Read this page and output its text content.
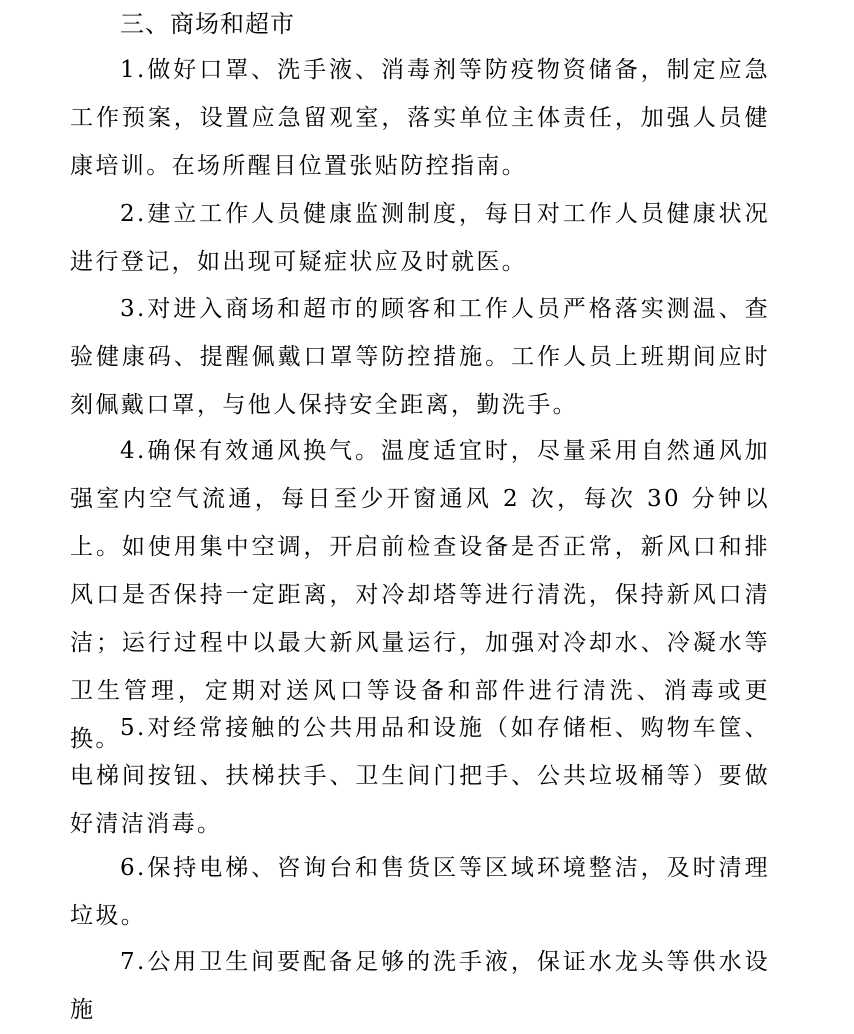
三、商场和超市

1.做好口罩、洗手液、消毒剂等防疫物资储备，制定应急工作预案，设置应急留观室，落实单位主体责任，加强人员健康培训。在场所醒目位置张贴防控指南。

2.建立工作人员健康监测制度，每日对工作人员健康状况进行登记，如出现可疑症状应及时就医。

3.对进入商场和超市的顾客和工作人员严格落实测温、查验健康码、提醒佩戴口罩等防控措施。工作人员上班期间应时刻佩戴口罩，与他人保持安全距离，勤洗手。

4.确保有效通风换气。温度适宜时，尽量采用自然通风加强室内空气流通，每日至少开窗通风 2 次，每次 30 分钟以上。如使用集中空调，开启前检查设备是否正常，新风口和排风口是否保持一定距离，对冷却塔等进行清洗，保持新风口清洁；运行过程中以最大新风量运行，加强对冷却水、冷凝水等卫生管理，定期对送风口等设备和部件进行清洗、消毒或更换。 5.对经常接触的公共用品和设施（如存储柜、购物车筐、电梯间按钮、扶梯扶手、卫生间门把手、公共垃圾桶等）要做好清洁消毒。

6.保持电梯、咨询台和售货区等区域环境整洁，及时清理垃圾。

7.公用卫生间要配备足够的洗手液，保证水龙头等供水设施
